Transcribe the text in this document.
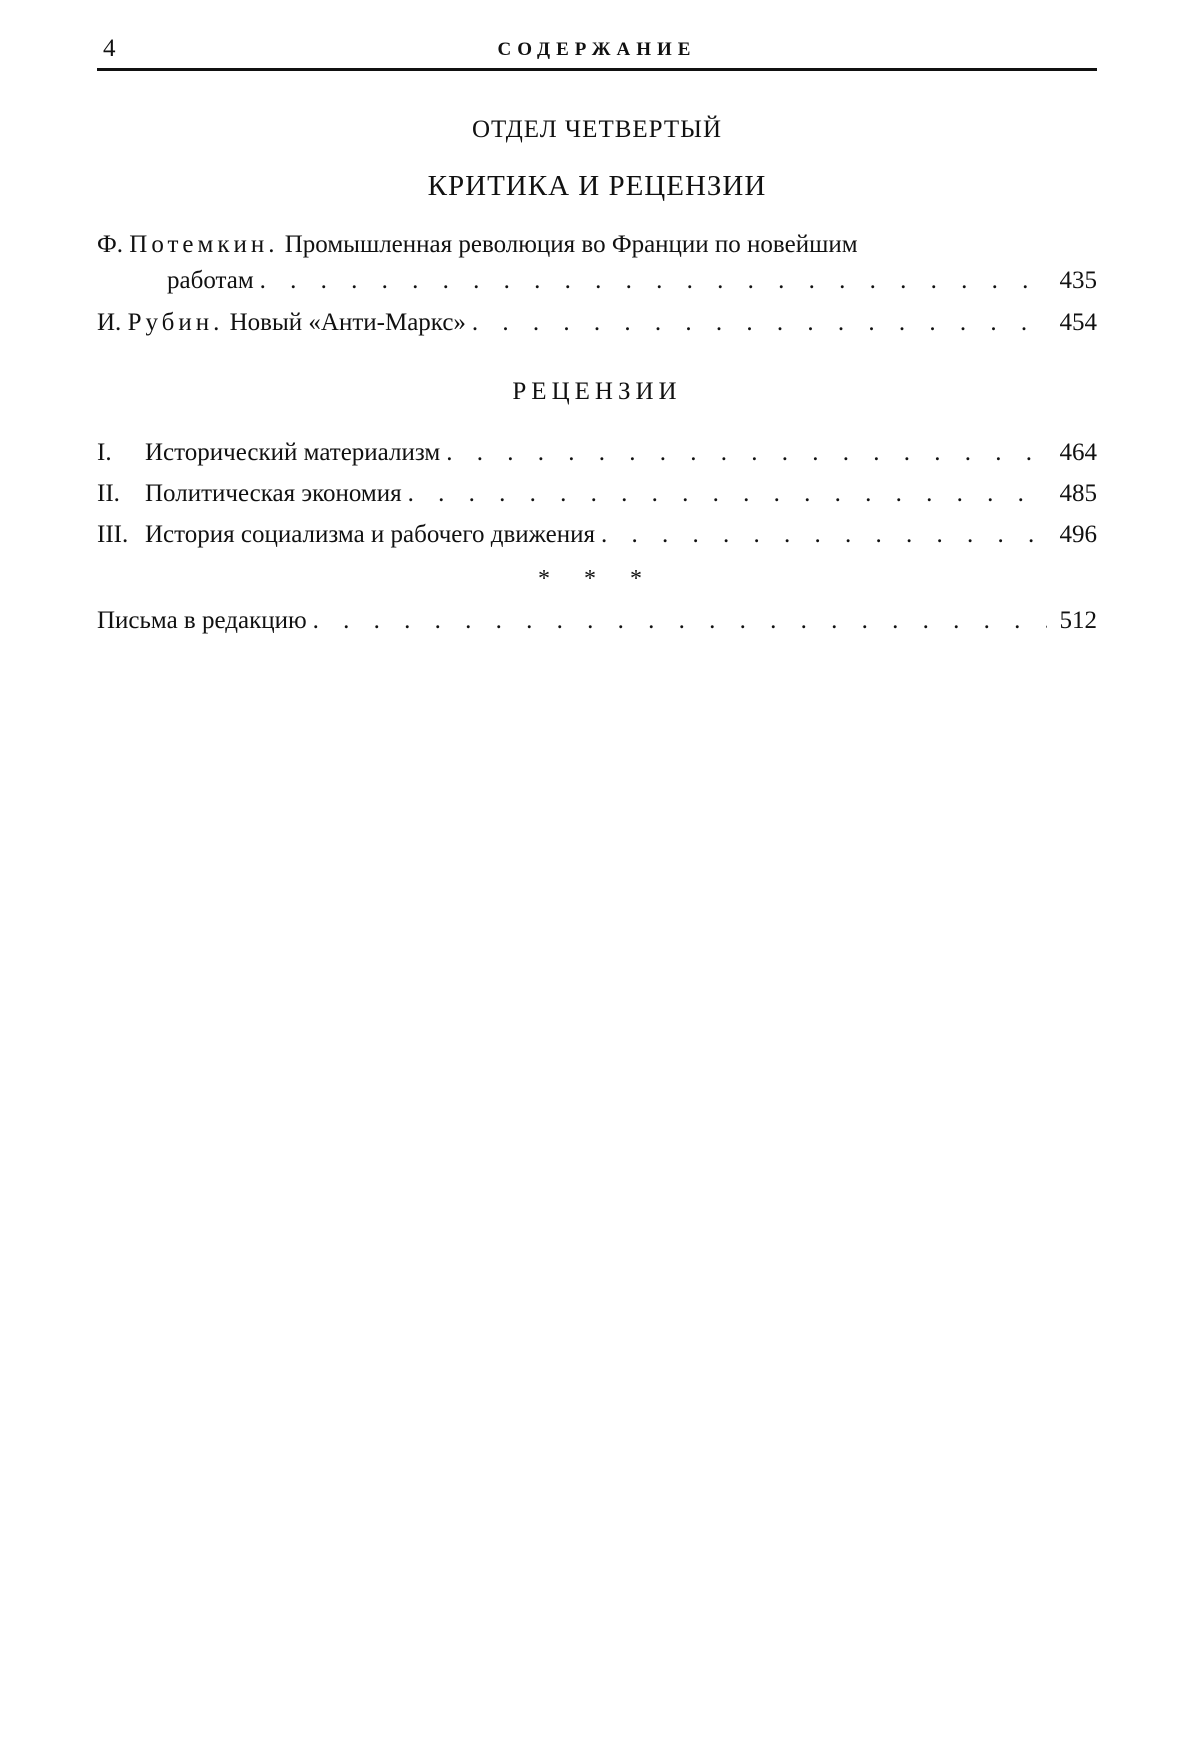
4	СОДЕРЖАНИЕ
ОТДЕЛ ЧЕТВЕРТЫЙ
КРИТИКА И РЕЦЕНЗИИ
Ф. Потемкин. Промышленная революция во Франции по новейшим
работам . . .	435
И. Рубин. Новый «Анти-Маркс» . . .	454
РЕЦЕНЗИИ
I. Исторический материализм . . .	464
II. Политическая экономия . . .	485
III. История социализма и рабочего движения . . .	496
* * *
Письма в редакцию . . .	512
